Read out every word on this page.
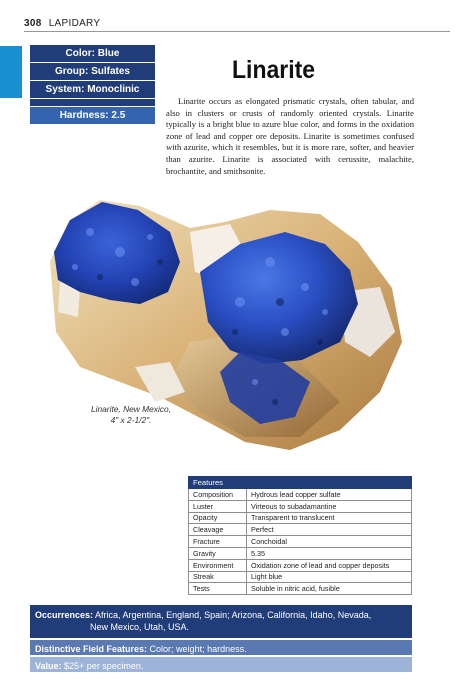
308 LAPIDARY
Color: Blue
Group: Sulfates
System: Monoclinic
Hardness: 2.5
Linarite
Linarite occurs as elongated prismatic crystals, often tabular, and also in clusters or crusts of randomly oriented crystals. Linarite typically is a bright blue to azure blue color, and forms in the oxidation zone of lead and copper ore deposits. Linarite is sometimes confused with azurite, which it resembles, but it is more rare, softer, and heavier than azurite. Linarite is associated with cerussite, malachite, brochantite, and smithsonite.
Linarite, New Mexico,
4" x 2-1/2".
Features	
Composition	Hydrous lead copper sulfate
Luster	Virteous to subadamantine
Opacity	Transparent to translucent
Cleavage	Perfect
Fracture	Conchoidal
Gravity	5.35
Environment	Oxidation zone of lead and copper deposits
Streak	Light blue
Tests	Soluble in nitric acid, fusible
Occurrences: Africa, Argentina, England, Spain; Arizona, California, Idaho, Nevada,
New Mexico, Utah, USA.
Distinctive Field Features: Color; weight; hardness.
Value: $25+ per specimen.
